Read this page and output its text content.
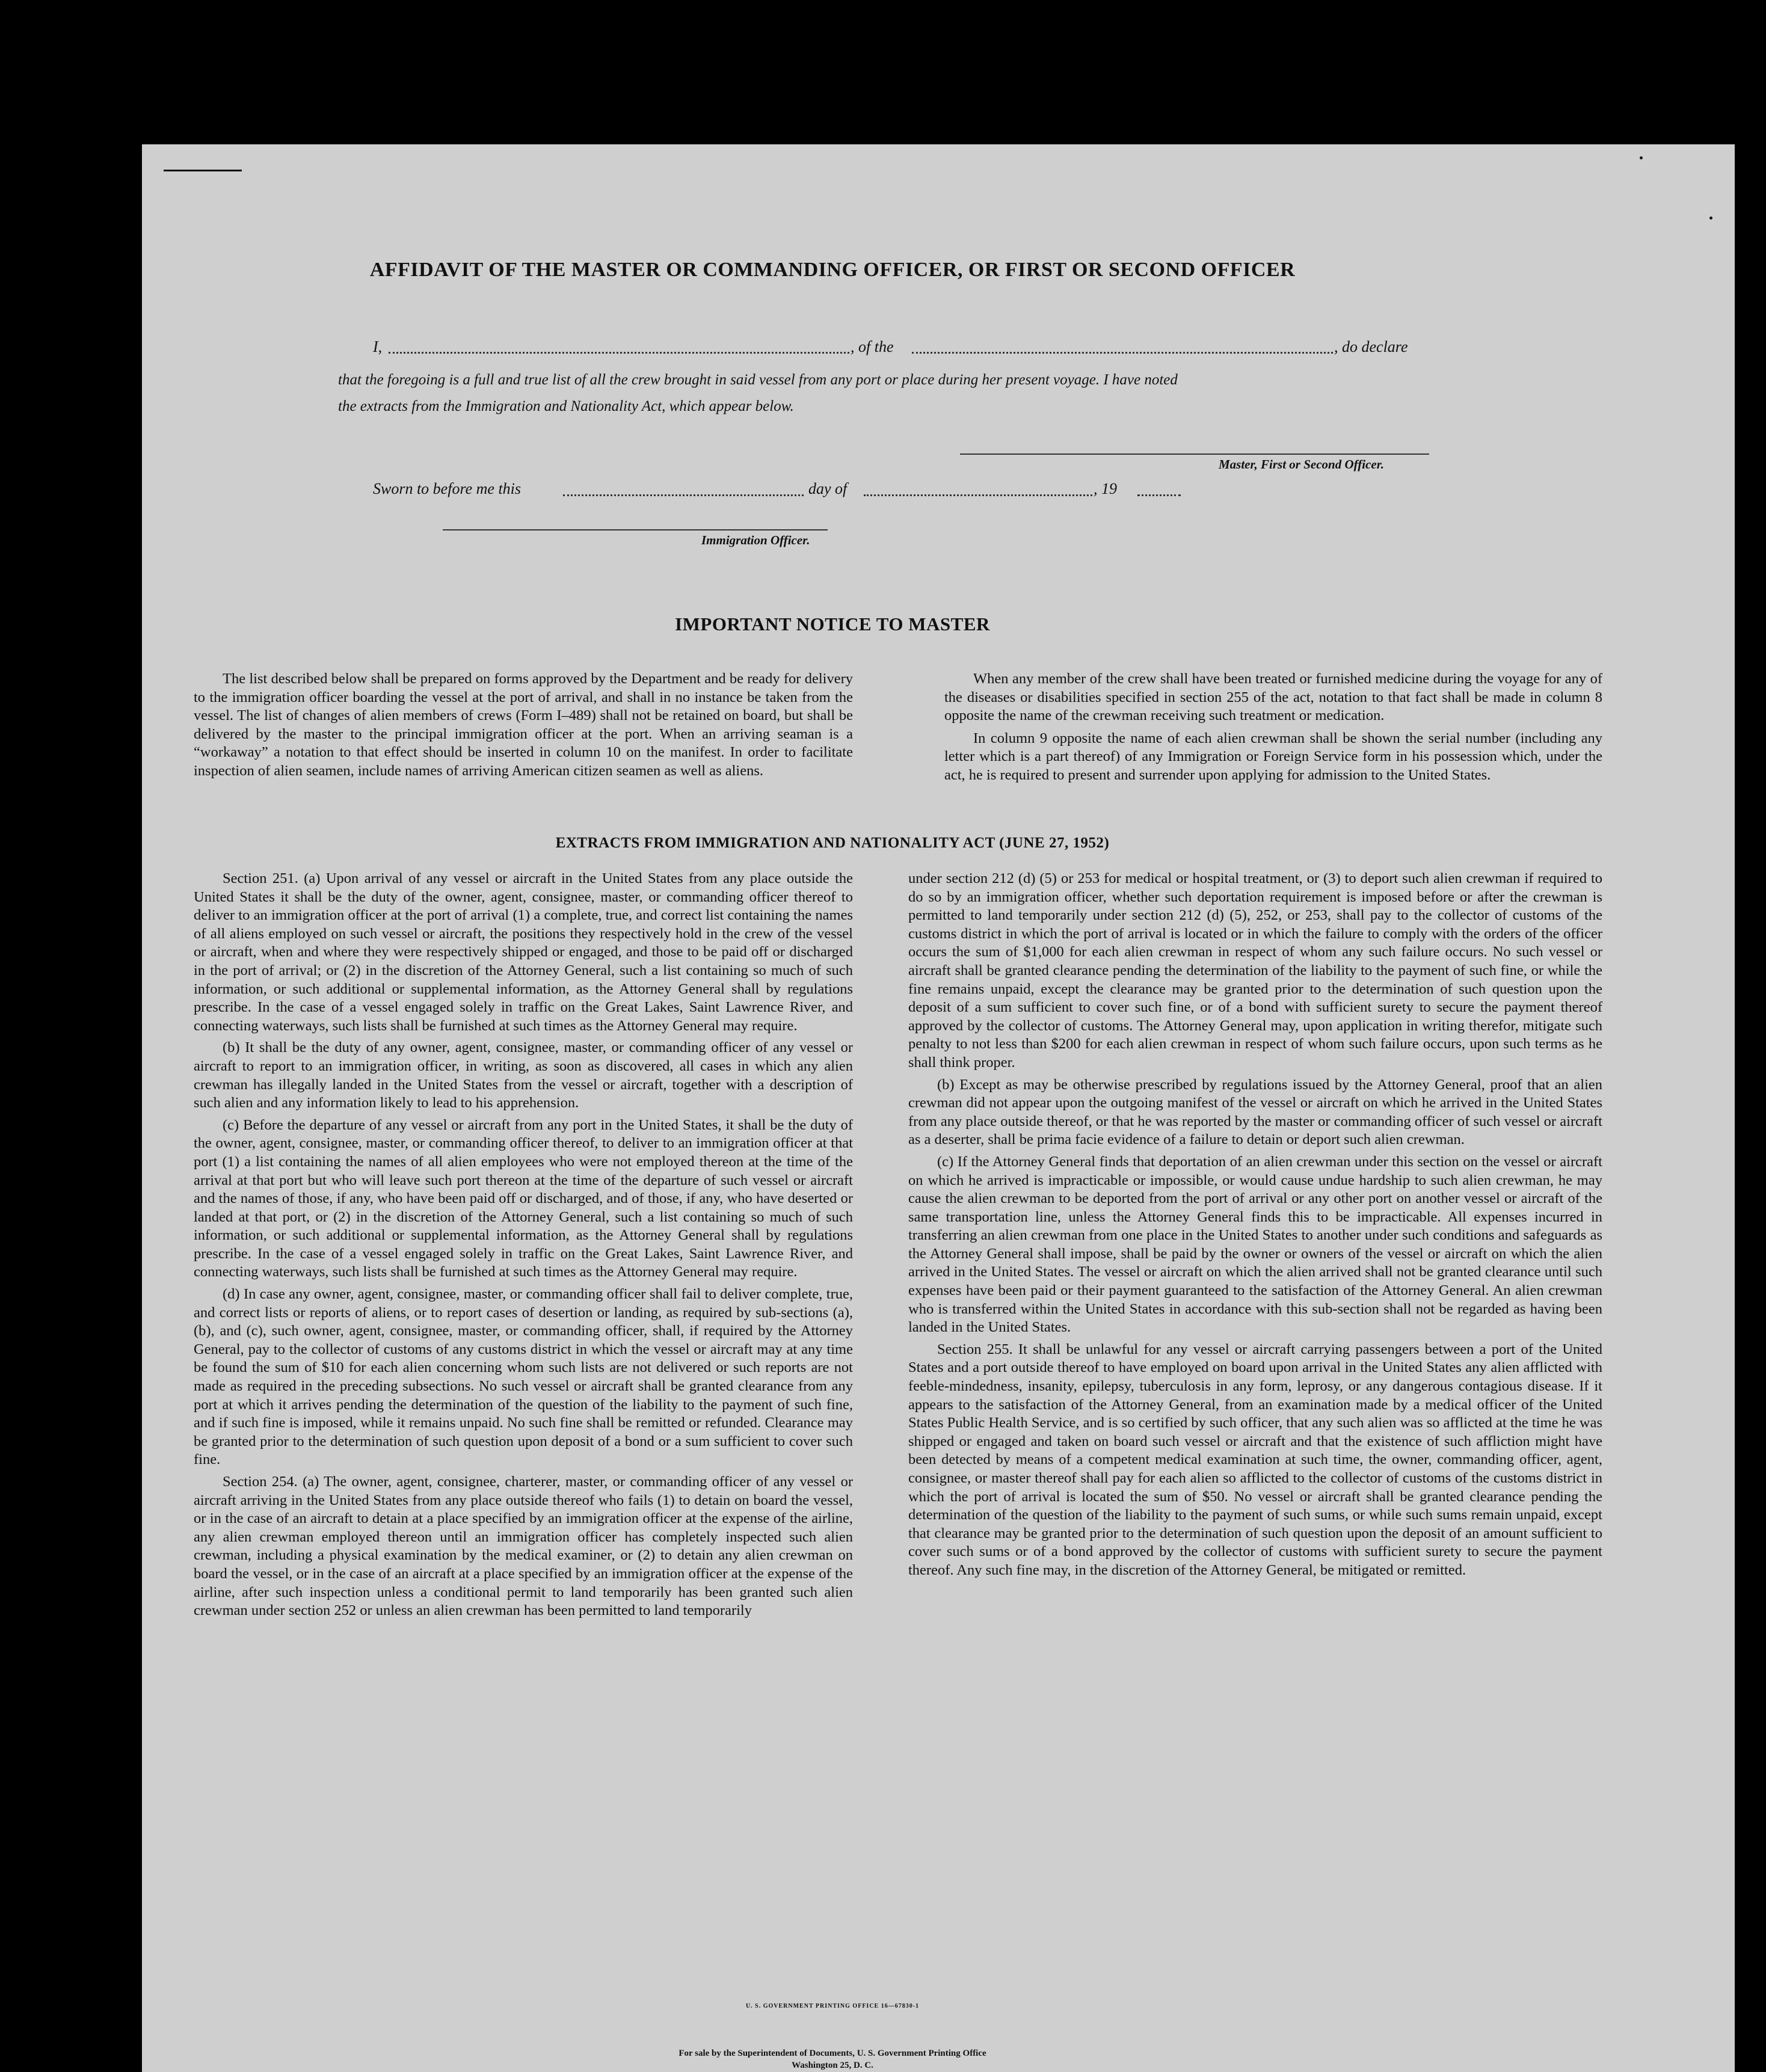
AFFIDAVIT OF THE MASTER OR COMMANDING OFFICER, OR FIRST OR SECOND OFFICER
I,	, of the	, do declare
that the foregoing is a full and true list of all the crew brought in said vessel from any port or place during her present voyage. I have noted
the extracts from the Immigration and Nationality Act, which appear below.
Master, First or Second Officer.
Sworn to before me this	day of	, 19
Immigration Officer.
IMPORTANT NOTICE TO MASTER

The list described below shall be prepared on forms approved by the Department and be ready for delivery to the immigration officer boarding the vessel at the port of arrival, and shall in no instance be taken from the vessel. The list of changes of alien members of crews (Form I–489) shall not be retained on board, but shall be delivered by the master to the principal immigration officer at the port. When an arriving seaman is a “workaway” a notation to that effect should be inserted in column 10 on the manifest. In order to facilitate inspection of alien seamen, include names of arriving American citizen seamen as well as aliens.

When any member of the crew shall have been treated or furnished medicine during the voyage for any of the diseases or disabilities specified in section 255 of the act, notation to that fact shall be made in column 8 opposite the name of the crewman receiving such treatment or medication.

In column 9 opposite the name of each alien crewman shall be shown the serial number (including any letter which is a part thereof) of any Immigration or Foreign Service form in his possession which, under the act, he is required to present and surrender upon applying for admission to the United States.

EXTRACTS FROM IMMIGRATION AND NATIONALITY ACT (JUNE 27, 1952)

Section 251. (a) Upon arrival of any vessel or aircraft in the United States from any place outside the United States it shall be the duty of the owner, agent, consignee, master, or commanding officer thereof to deliver to an immigration officer at the port of arrival (1) a complete, true, and correct list containing the names of all aliens employed on such vessel or aircraft, the positions they respectively hold in the crew of the vessel or aircraft, when and where they were respectively shipped or engaged, and those to be paid off or discharged in the port of arrival; or (2) in the discretion of the Attorney General, such a list containing so much of such information, or such additional or supplemental information, as the Attorney General shall by regulations prescribe. In the case of a vessel engaged solely in traffic on the Great Lakes, Saint Lawrence River, and connecting waterways, such lists shall be furnished at such times as the Attorney General may require.

(b) It shall be the duty of any owner, agent, consignee, master, or commanding officer of any vessel or aircraft to report to an immigration officer, in writing, as soon as discovered, all cases in which any alien crewman has illegally landed in the United States from the vessel or aircraft, together with a description of such alien and any information likely to lead to his apprehension.

(c) Before the departure of any vessel or aircraft from any port in the United States, it shall be the duty of the owner, agent, consignee, master, or commanding officer thereof, to deliver to an immigration officer at that port (1) a list containing the names of all alien employees who were not employed thereon at the time of the arrival at that port but who will leave such port thereon at the time of the departure of such vessel or aircraft and the names of those, if any, who have been paid off or discharged, and of those, if any, who have deserted or landed at that port, or (2) in the discretion of the Attorney General, such a list containing so much of such information, or such additional or supplemental information, as the Attorney General shall by regulations prescribe. In the case of a vessel engaged solely in traffic on the Great Lakes, Saint Lawrence River, and connecting waterways, such lists shall be furnished at such times as the Attorney General may require.

(d) In case any owner, agent, consignee, master, or commanding officer shall fail to deliver complete, true, and correct lists or reports of aliens, or to report cases of desertion or landing, as required by sub-sections (a), (b), and (c), such owner, agent, consignee, master, or commanding officer, shall, if required by the Attorney General, pay to the collector of customs of any customs district in which the vessel or aircraft may at any time be found the sum of $10 for each alien concerning whom such lists are not delivered or such reports are not made as required in the preceding subsections. No such vessel or aircraft shall be granted clearance from any port at which it arrives pending the determination of the question of the liability to the payment of such fine, and if such fine is imposed, while it remains unpaid. No such fine shall be remitted or refunded. Clearance may be granted prior to the determination of such question upon deposit of a bond or a sum sufficient to cover such fine.

Section 254. (a) The owner, agent, consignee, charterer, master, or commanding officer of any vessel or aircraft arriving in the United States from any place outside thereof who fails (1) to detain on board the vessel, or in the case of an aircraft to detain at a place specified by an immigration officer at the expense of the airline, any alien crewman employed thereon until an immigration officer has completely inspected such alien crewman, including a physical examination by the medical examiner, or (2) to detain any alien crewman on board the vessel, or in the case of an aircraft at a place specified by an immigration officer at the expense of the airline, after such inspection unless a conditional permit to land temporarily has been granted such alien crewman under section 252 or unless an alien crewman has been permitted to land temporarily

under section 212 (d) (5) or 253 for medical or hospital treatment, or (3) to deport such alien crewman if required to do so by an immigration officer, whether such deportation requirement is imposed before or after the crewman is permitted to land temporarily under section 212 (d) (5), 252, or 253, shall pay to the collector of customs of the customs district in which the port of arrival is located or in which the failure to comply with the orders of the officer occurs the sum of $1,000 for each alien crewman in respect of whom any such failure occurs. No such vessel or aircraft shall be granted clearance pending the determination of the liability to the payment of such fine, or while the fine remains unpaid, except the clearance may be granted prior to the determination of such question upon the deposit of a sum sufficient to cover such fine, or of a bond with sufficient surety to secure the payment thereof approved by the collector of customs. The Attorney General may, upon application in writing therefor, mitigate such penalty to not less than $200 for each alien crewman in respect of whom such failure occurs, upon such terms as he shall think proper.

(b) Except as may be otherwise prescribed by regulations issued by the Attorney General, proof that an alien crewman did not appear upon the outgoing manifest of the vessel or aircraft on which he arrived in the United States from any place outside thereof, or that he was reported by the master or commanding officer of such vessel or aircraft as a deserter, shall be prima facie evidence of a failure to detain or deport such alien crewman.

(c) If the Attorney General finds that deportation of an alien crewman under this section on the vessel or aircraft on which he arrived is impracticable or impossible, or would cause undue hardship to such alien crewman, he may cause the alien crewman to be deported from the port of arrival or any other port on another vessel or aircraft of the same transportation line, unless the Attorney General finds this to be impracticable. All expenses incurred in transferring an alien crewman from one place in the United States to another under such conditions and safeguards as the Attorney General shall impose, shall be paid by the owner or owners of the vessel or aircraft on which the alien arrived in the United States. The vessel or aircraft on which the alien arrived shall not be granted clearance until such expenses have been paid or their payment guaranteed to the satisfaction of the Attorney General. An alien crewman who is transferred within the United States in accordance with this sub-section shall not be regarded as having been landed in the United States.

Section 255. It shall be unlawful for any vessel or aircraft carrying passengers between a port of the United States and a port outside thereof to have employed on board upon arrival in the United States any alien afflicted with feeble-mindedness, insanity, epilepsy, tuberculosis in any form, leprosy, or any dangerous contagious disease. If it appears to the satisfaction of the Attorney General, from an examination made by a medical officer of the United States Public Health Service, and is so certified by such officer, that any such alien was so afflicted at the time he was shipped or engaged and taken on board such vessel or aircraft and that the existence of such affliction might have been detected by means of a competent medical examination at such time, the owner, commanding officer, agent, consignee, or master thereof shall pay for each alien so afflicted to the collector of customs of the customs district in which the port of arrival is located the sum of $50. No vessel or aircraft shall be granted clearance pending the determination of the question of the liability to the payment of such sums, or while such sums remain unpaid, except that clearance may be granted prior to the determination of such question upon the deposit of an amount sufficient to cover such sums or of a bond approved by the collector of customs with sufficient surety to secure the payment thereof. Any such fine may, in the discretion of the Attorney General, be mitigated or remitted.

U. S. GOVERNMENT PRINTING OFFICE 16—67830-1
For sale by the Superintendent of Documents, U. S. Government Printing Office
Washington 25, D. C.
